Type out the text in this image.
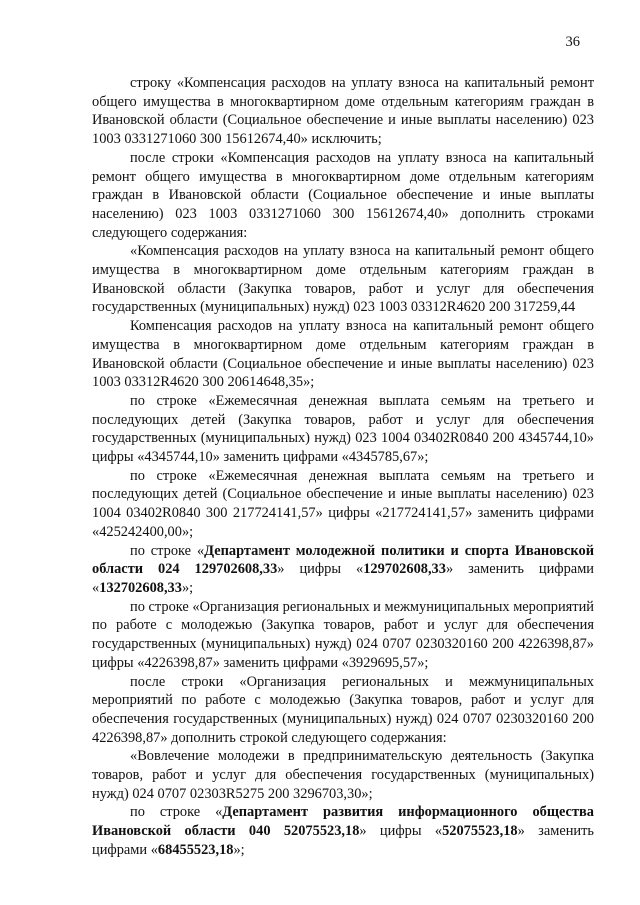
36

строку «Компенсация расходов на уплату взноса на капитальный ремонт общего имущества в многоквартирном доме отдельным категориям граждан в Ивановской области (Социальное обеспечение и иные выплаты населению) 023 1003 0331271060 300 15612674,40» исключить;

после строки «Компенсация расходов на уплату взноса на капитальный ремонт общего имущества в многоквартирном доме отдельным категориям граждан в Ивановской области (Социальное обеспечение и иные выплаты населению) 023 1003 0331271060 300 15612674,40» дополнить строками следующего содержания:

«Компенсация расходов на уплату взноса на капитальный ремонт общего имущества в многоквартирном доме отдельным категориям граждан в Ивановской области (Закупка товаров, работ и услуг для обеспечения государственных (муниципальных) нужд) 023 1003 03312R4620 200 317259,44

Компенсация расходов на уплату взноса на капитальный ремонт общего имущества в многоквартирном доме отдельным категориям граждан в Ивановской области (Социальное обеспечение и иные выплаты населению) 023 1003 03312R4620 300 20614648,35»;

по строке «Ежемесячная денежная выплата семьям на третьего и последующих детей (Закупка товаров, работ и услуг для обеспечения государственных (муниципальных) нужд) 023 1004 03402R0840 200 4345744,10» цифры «4345744,10» заменить цифрами «4345785,67»;

по строке «Ежемесячная денежная выплата семьям на третьего и последующих детей (Социальное обеспечение и иные выплаты населению) 023 1004 03402R0840 300 217724141,57» цифры «217724141,57» заменить цифрами «425242400,00»;

по строке «Департамент молодежной политики и спорта Ивановской области 024 129702608,33» цифры «129702608,33» заменить цифрами «132702608,33»;

по строке «Организация региональных и межмуниципальных мероприятий по работе с молодежью (Закупка товаров, работ и услуг для обеспечения государственных (муниципальных) нужд) 024 0707 0230320160 200 4226398,87» цифры «4226398,87» заменить цифрами «3929695,57»;

после строки «Организация региональных и межмуниципальных мероприятий по работе с молодежью (Закупка товаров, работ и услуг для обеспечения государственных (муниципальных) нужд) 024 0707 0230320160 200 4226398,87» дополнить строкой следующего содержания:

«Вовлечение молодежи в предпринимательскую деятельность (Закупка товаров, работ и услуг для обеспечения государственных (муниципальных) нужд) 024 0707 02303R5275 200 3296703,30»;

по строке «Департамент развития информационного общества Ивановской области 040 52075523,18» цифры «52075523,18» заменить цифрами «68455523,18»;
